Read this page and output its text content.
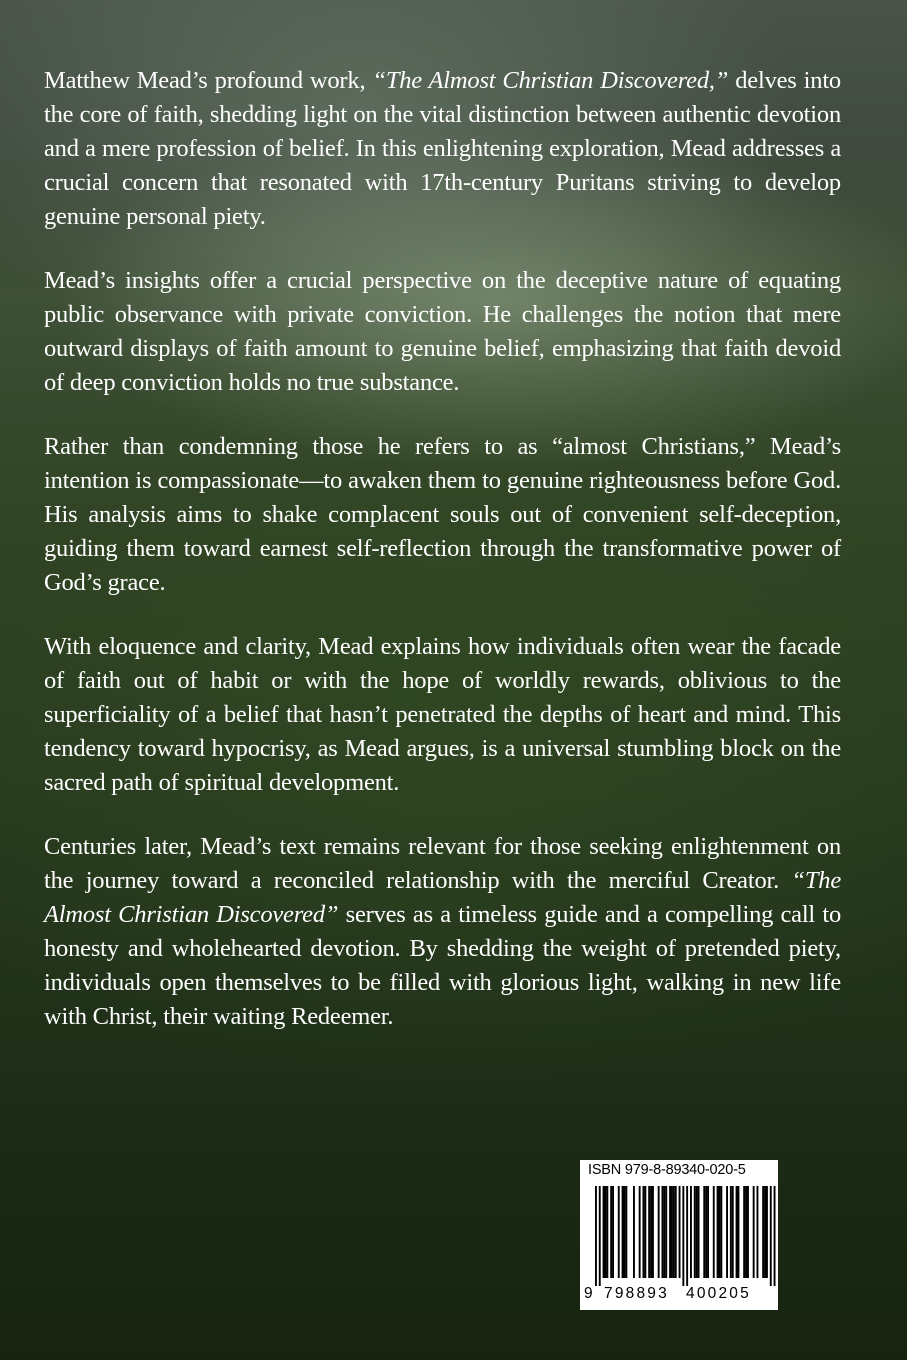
Matthew Mead’s profound work, “The Almost Christian Discovered,” delves into the core of faith, shedding light on the vital distinction between authentic devotion and a mere profession of belief. In this enlightening exploration, Mead addresses a crucial concern that resonated with 17th-century Puritans striving to develop genuine personal piety.

Mead’s insights offer a crucial perspective on the deceptive nature of equating public observance with private conviction. He challenges the notion that mere outward displays of faith amount to genuine belief, emphasizing that faith devoid of deep conviction holds no true substance.

Rather than condemning those he refers to as “almost Christians,” Mead’s intention is compassionate—to awaken them to genuine righteousness before God. His analysis aims to shake complacent souls out of convenient self-deception, guiding them toward earnest self-reflection through the transformative power of God’s grace.

With eloquence and clarity, Mead explains how individuals often wear the facade of faith out of habit or with the hope of worldly rewards, oblivious to the superficiality of a belief that hasn’t penetrated the depths of heart and mind. This tendency toward hypocrisy, as Mead argues, is a universal stumbling block on the sacred path of spiritual development.

Centuries later, Mead’s text remains relevant for those seeking enlightenment on the journey toward a reconciled relationship with the merciful Creator. “The Almost Christian Discovered” serves as a timeless guide and a compelling call to honesty and wholehearted devotion. By shedding the weight of pretended piety, individuals open themselves to be filled with glorious light, walking in new life with Christ, their waiting Redeemer.

ISBN 979-8-89340-020-5
9 798893 400205
